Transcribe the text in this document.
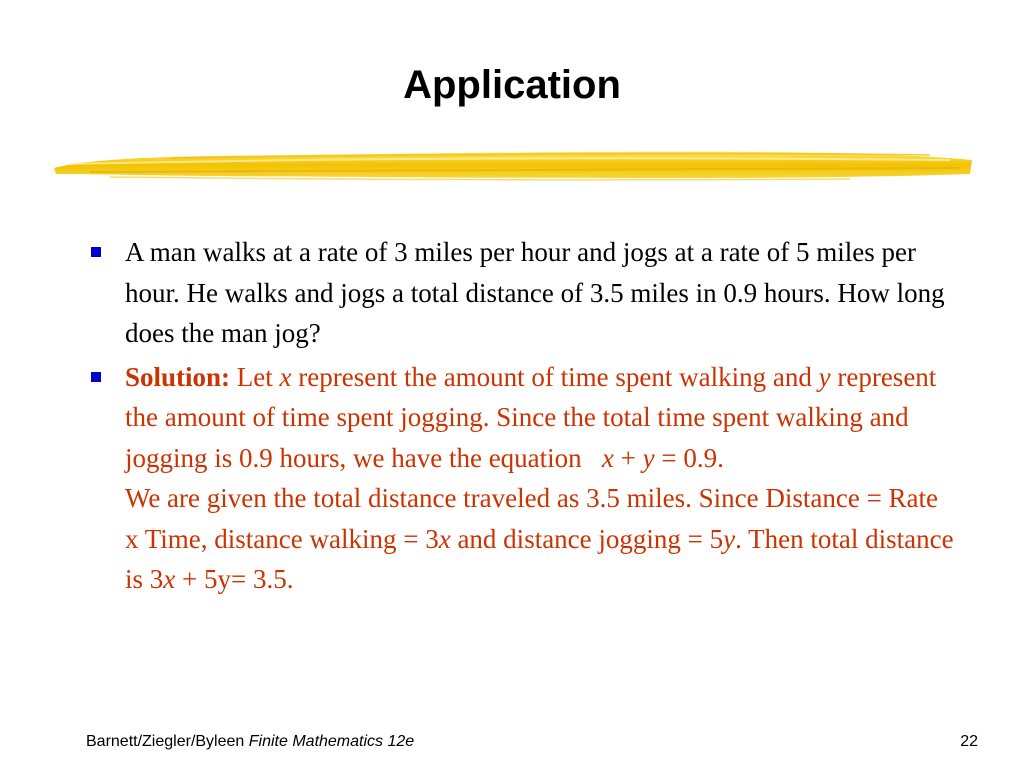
Application
A man walks at a rate of 3 miles per hour and jogs at a rate of 5 miles per hour. He walks and jogs a total distance of 3.5 miles in 0.9 hours. How long does the man jog?
Solution: Let x represent the amount of time spent walking and y represent the amount of time spent jogging. Since the total time spent walking and jogging is 0.9 hours, we have the equation   x + y = 0.9.
We are given the total distance traveled as 3.5 miles. Since Distance = Rate x Time, distance walking = 3x and distance jogging = 5y. Then total distance is 3x + 5y= 3.5.
Barnett/Ziegler/Byleen Finite Mathematics 12e	22
